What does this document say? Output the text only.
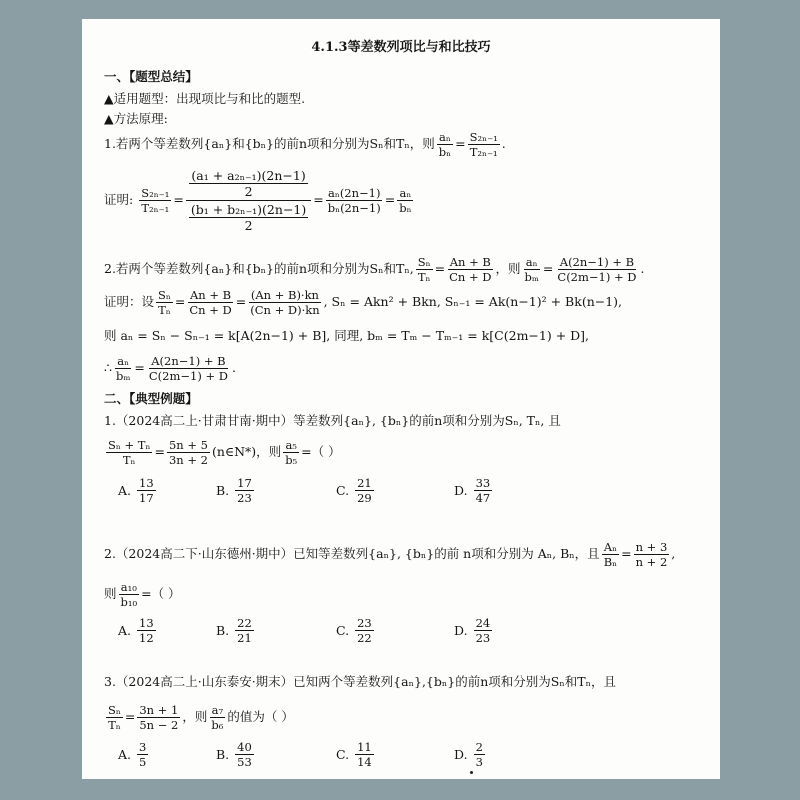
4.1.3等差数列项比与和比技巧
一、【题型总结】
▲适用题型：出现项比与和比的题型.
▲方法原理:
1.若两个等差数列{aₙ}和{bₙ}的前n项和分别为Sₙ和Tₙ，则 $\frac{\text{aₙ}}{\text{bₙ}} = \frac{\text{S₂ₙ₋₁}}{\text{T₂ₙ₋₁}}$ .
证明: $\frac{\text{S₂ₙ₋₁}}{\text{T₂ₙ₋₁}} = (a_1 + a_{2n-1})(2n-1)$
2
(b₁ + b₂ₙ₋₁)(2n−1)
$2 = \frac{\text{aₙ(2n−1)}}{\text{bₙ(2n−1)}} = \frac{\text{aₙ}}{\text{bₙ}}$
2.若两个等差数列{aₙ}和{bₙ}的前n项和分别为Sₙ和Tₙ, $\frac{\text{Sₙ}}{\text{Tₙ}} = \frac{An + B}{Cn + D}$ ，则 $\frac{\text{aₙ}}{\text{bₘ}} = \frac{A(2n-1) + B}{C(2m-1) + D}$ .
证明：设 $\frac{\text{Sₙ}}{\text{Tₙ}} = \frac{An + B}{Cn + D} = \frac{(An + B)\cdot kn}{(Cn + D)\cdot kn}$ , Sₙ = Akn² + Bkn, Sₙ₋₁ = Ak(n−1)² + Bk(n−1),
则 aₙ = Sₙ − Sₙ₋₁ = k[A(2n−1) + B], 同理, bₘ = Tₘ − Tₘ₋₁ = k[C(2m−1) + D],
∴ $\frac{\text{aₙ}}{\text{bₘ}} = \frac{A(2n-1) + B}{C(2m-1) + D}$ .
二、【典型例题】
1.（2024高二上·甘肃甘南·期中）等差数列{aₙ}, {bₙ}的前n项和分别为Sₙ, Tₙ, 且
$\frac{\text{Sₙ + Tₙ}}{\text{Tₙ}} = \frac{5n + 5}{3n + 2}$ (n∈N*)，则 $\frac{\text{a₅}}{\text{b₅}}$ =（ ）
A. $\frac{13}{17}$	B. $\frac{17}{23}$	C. $\frac{21}{29}$	D. $\frac{33}{47}$
2.（2024高二下·山东德州·期中）已知等差数列{aₙ}, {bₙ}的前 n项和分别为 Aₙ, Bₙ，且 $\frac{\text{Aₙ}}{\text{Bₙ}} = \frac{n + 3}{n + 2}$ ,
则 $\frac{\text{a₁₀}}{\text{b₁₀}}$ =（ ）
A. $\frac{13}{12}$	B. $\frac{22}{21}$	C. $\frac{23}{22}$	D. $\frac{24}{23}$
3.（2024高二上·山东泰安·期末）已知两个等差数列{aₙ},{bₙ}的前n项和分别为Sₙ和Tₙ，且
$\frac{\text{Sₙ}}{\text{Tₙ}} = \frac{3n + 1}{5n - 2}$ ，则 $\frac{\text{a₇}}{\text{b₆}}$ 的值为（ ）
A. $\frac{3}{5}$	B. $\frac{40}{53}$	C. $\frac{11}{14}$	D. $\frac{2}{3}$
